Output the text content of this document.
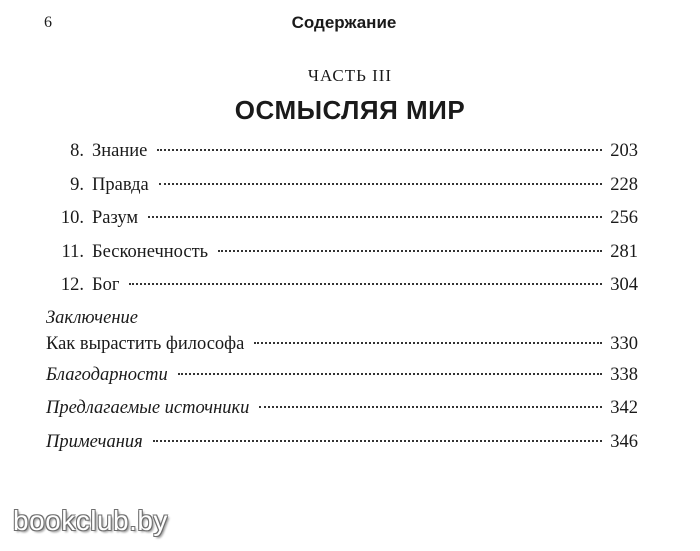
6	Содержание
ЧАСТЬ III
ОСМЫСЛЯЯ МИР
8. Знание	203
9. Правда	228
10. Разум	256
11. Бесконечность	281
12. Бог	304
Заключение
Как вырастить философа	330
Благодарности	338
Предлагаемые источники	342
Примечания	346
bookclub.by
